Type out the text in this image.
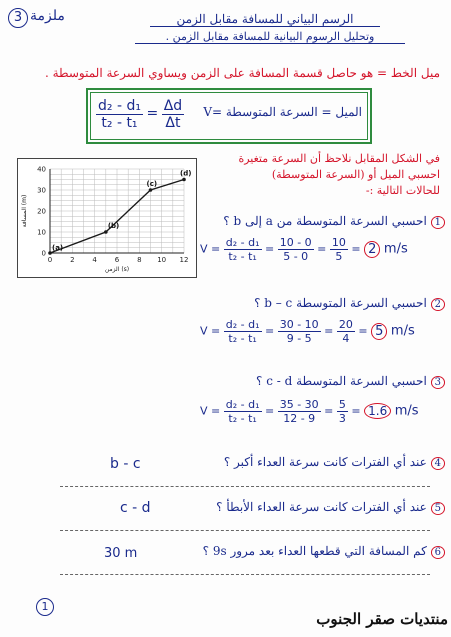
3 ملزمة	الرسم البياني للمسافة مقابل الزمن
وتحليل الرسوم البيانية للمسافة مقابل الزمن .
ميل الخط = هو حاصل قسمة المسافة على الزمن ويساوي السرعة المتوسطة .
$\frac{\text{d₂ - d₁}}{\text{t₂ - t₁}} = \frac{\Delta d}{\Delta t}$ الميل = السرعة المتوسطة =V
في الشكل المقابل نلاحظ أن السرعة متغيرة
احسبي الميل أو (السرعة المتوسطة)
للحالات التالية :-
0	2	4	6	8 10 12
40
30
20
10
0
الزمن (s)
المسافة (m)
(a)
(b)
(c)
(d)
1 احسبي السرعة المتوسطة من a إلى b ؟
$V = \frac{\text{d₂ - d₁}}{\text{t₂ - t₁}} = \frac{10 - 0}{5 - 0} = \frac{10}{5} = 2$ m/s
2 احسبي السرعة المتوسطة b – c ؟
$V = \frac{\text{d₂ - d₁}}{\text{t₂ - t₁}} = \frac{30 - 10}{9 - 5} = \frac{20}{4} = 5$ m/s
3 احسبي السرعة المتوسطة c - d ؟
$V = \frac{\text{d₂ - d₁}}{\text{t₂ - t₁}} = \frac{35 - 30}{12 - 9} = \frac{5}{3} = 1.6$ m/s
4 عند أي الفترات كانت سرعة العداء أكبر ؟
b - c
5 عند أي الفترات كانت سرعة العداء الأبطأ ؟
c - d
6 كم المسافة التي قطعها العداء بعد مرور 9s ؟
30 m
1
منتديات صقر الجنوب
